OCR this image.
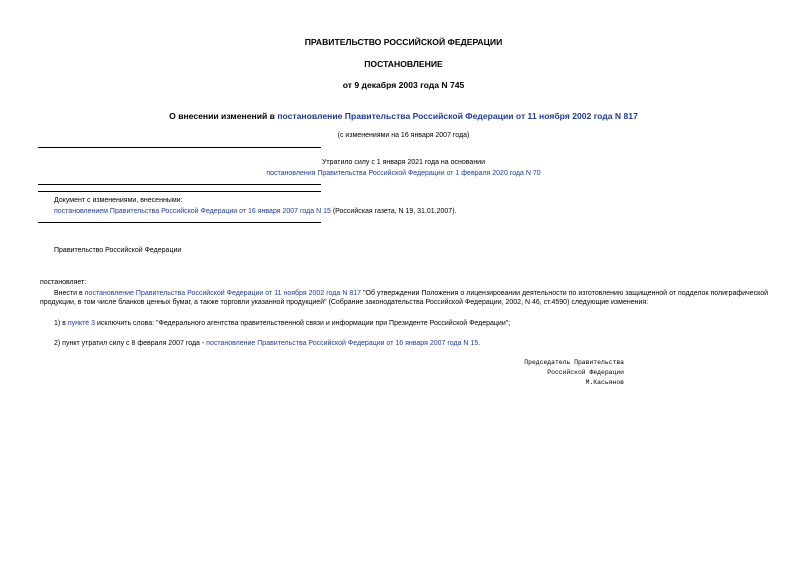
ПРАВИТЕЛЬСТВО РОССИЙСКОЙ ФЕДЕРАЦИИ
ПОСТАНОВЛЕНИЕ
от 9 декабря 2003 года N 745
О внесении изменений в постановление Правительства Российской Федерации от 11 ноября 2002 года N 817
(с изменениями на 16 января 2007 года)
Утратило силу с 1 января 2021 года на основании
постановления Правительства Российской Федерации от 1 февраля 2020 года N 70
Документ с изменениями, внесенными:
постановлением Правительства Российской Федерации от 16 января 2007 года N 15 (Российская газета, N 19, 31.01.2007).
Правительство Российской Федерации
постановляет:
Внести в постановление Правительства Российской Федерации от 11 ноября 2002 года N 817 "Об утверждении Положения о лицензировании деятельности по изготовлению защищенной от подделок полиграфической продукции, в том числе бланков ценных бумаг, а также торговли указанной продукцией" (Собрание законодательства Российской Федерации, 2002, N 46, ст.4590) следующие изменения:
1) в пункте 3 исключить слова: "Федерального агентства правительственной связи и информации при Президенте Российской Федерации";
2) пункт утратил силу с 8 февраля 2007 года - постановление Правительства Российской Федерации от 16 января 2007 года N 15.
Председатель Правительства
Российской Федерации
М.Касьянов
